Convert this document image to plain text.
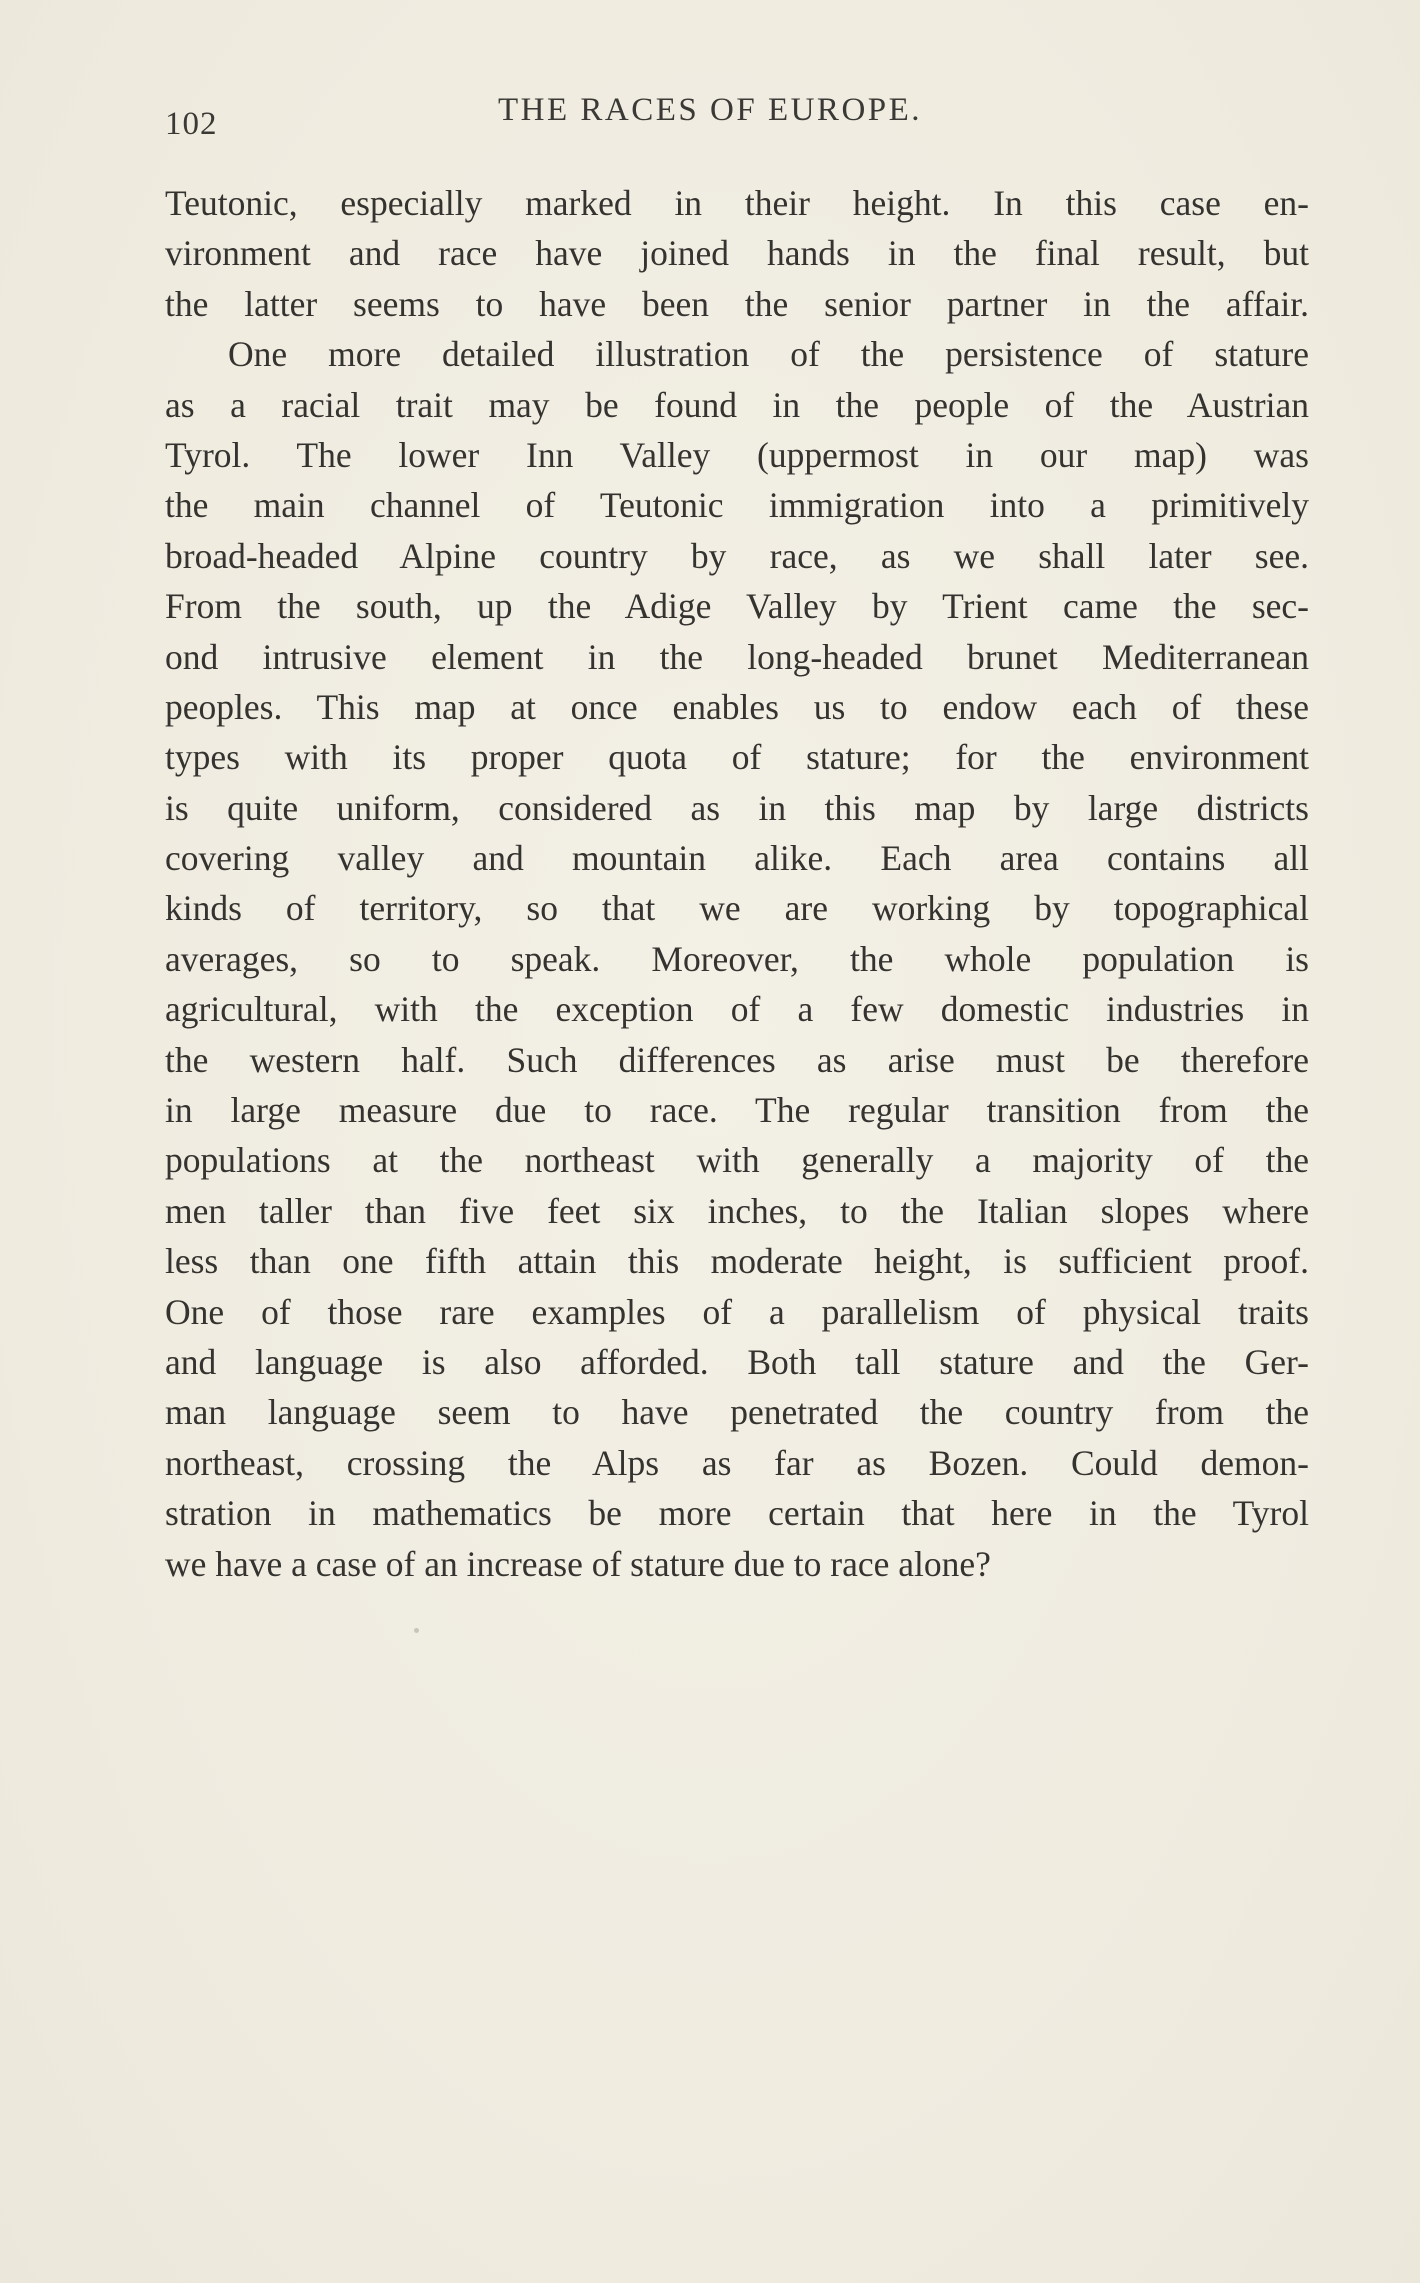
102	THE RACES OF EUROPE.
Teutonic, especially marked in their height. In this case en-
vironment and race have joined hands in the final result, but
the latter seems to have been the senior partner in the affair.
One more detailed illustration of the persistence of stature
as a racial trait may be found in the people of the Austrian
Tyrol. The lower Inn Valley (uppermost in our map) was
the main channel of Teutonic immigration into a primitively
broad-headed Alpine country by race, as we shall later see.
From the south, up the Adige Valley by Trient came the sec-
ond intrusive element in the long-headed brunet Mediterranean
peoples. This map at once enables us to endow each of these
types with its proper quota of stature; for the environment
is quite uniform, considered as in this map by large districts
covering valley and mountain alike. Each area contains all
kinds of territory, so that we are working by topographical
averages, so to speak. Moreover, the whole population is
agricultural, with the exception of a few domestic industries in
the western half. Such differences as arise must be therefore
in large measure due to race. The regular transition from the
populations at the northeast with generally a majority of the
men taller than five feet six inches, to the Italian slopes where
less than one fifth attain this moderate height, is sufficient proof.
One of those rare examples of a parallelism of physical traits
and language is also afforded. Both tall stature and the Ger-
man language seem to have penetrated the country from the
northeast, crossing the Alps as far as Bozen. Could demon-
stration in mathematics be more certain that here in the Tyrol
we have a case of an increase of stature due to race alone?
